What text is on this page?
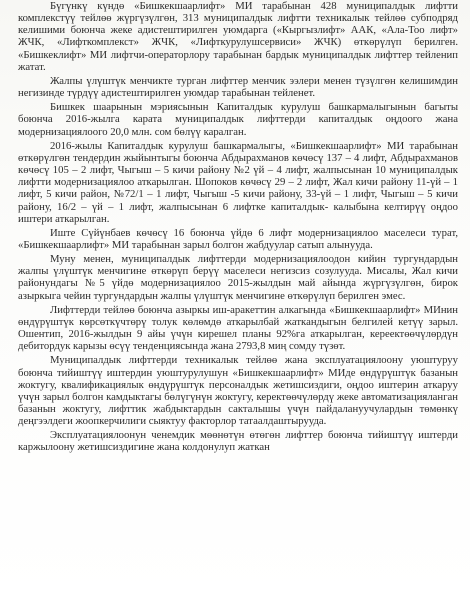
Бүгүнкү күндө «Бишкекшаарлифт» МИ тарабынан 428 муниципалдык лифтти комплекстүү тейлөө жүргүзүлгөн, 313 муниципалдык лифтти техникалык тейлөө субподряд келишими боюнча жеке адистештирилген уюмдарга («Кыргызлифт» ААК, «Ала-Тоо лифт» ЖЧК, «Лифткомплекст» ЖЧК, «Лифткурулушсервиси» ЖЧК) өткөрүлүп берилген. «Бишкеклифт» МИ лифтчи-операторлору тарабынан бардык муниципалдык лифттер тейленип жатат.

Жалпы үлүштүк менчикте турган лифттер менчик ээлери менен түзүлгөн келишимдин негизинде түрдүү адистештирилген уюмдар тарабынан тейленет.

Бишкек шаарынын мэриясынын Капиталдык курулуш башкармалыгынын багыты боюнча 2016-жылга карата муниципалдык лифттерди капиталдык оңдоого жана модернизациялоого 20,0 млн. сом бөлүү каралган.

2016-жылы Капиталдык курулуш башкармалыгы, «Бишкекшаарлифт» МИ тарабынан өткөрүлгөн тендердин жыйынтыгы боюнча Абдырахманов көчөсү 137 – 4 лифт, Абдырахманов көчөсү 105 – 2 лифт, Чыгыш – 5 кичи району №2 үй – 4 лифт, жалпысынан 10 муниципалдык лифтти модернизациялоо аткарылган. Шопоков көчөсү 29 – 2 лифт, Жал кичи району 11-үй – 1 лифт, 5 кичи район, №72/1 – 1 лифт, Чыгыш -5 кичи району, 33-үй – 1 лифт, Чыгыш – 5 кичи району, 16/2 – үй – 1 лифт, жалпысынан 6 лифтке капиталдык- калыбына келтирүү оңдоо иштери аткарылган.

Иште Сүйүнбаев көчөсү 16 боюнча үйдө 6 лифт модернизациялоо маселеси турат, «Бишкекшаарлифт» МИ тарабынан зарыл болгон жабдуулар сатып алынууда.

Муну менен, муниципалдык лифттерди модернизациялоодон кийин тургундардын жалпы үлүштүк менчигине өткөрүп берүү маселеси негизсиз созулууда. Мисалы, Жал кичи районундагы №5 үйдө модернизациялоо 2015-жылдын май айында жүргүзүлгөн, бирок азыркыга чейин тургундардын жалпы үлүштүк менчигине өткөрүлүп берилген эмес.

Лифттерди тейлөө боюнча азыркы иш-аракеттин алкагында «Бишкекшаарлифт» МИнин өндүрүштүк көрсөткүчтөрү толук көлөмдө аткарылбай жаткандыгын белгилей кетүү зарыл. Ошентип, 2016-жылдын 9 айы үчүн кирешел планы 92%га аткарылган, кереектөөчүлөрдүн дебитордук карызы өсүү тенденциясында жана 2793,8 миң сомду түзөт.

Муниципалдык лифттерди техникалык тейлөө жана эксплуатациялоону уюштуруу боюнча тийиштүү иштердин уюштурулушун «Бишкекшаарлифт» МИде өндүрүштүк базанын жоктугу, квалификациялык өндүрүштүк персоналдык жетишсиздиги, оңдоо иштерин аткаруу үчүн зарыл болгон камдыктагы бөлүгүнүн жоктугу, керектөөчүлөрдү жеке автоматизацияланган базанын жоктугу, лифттик жабдыктардын сакталышы үчүн пайдалануучулардын төмөнкү деңгээлдеги жоопкерчилиги сыяктуу факторлор татаалдаштырууда.

Эксплуатациялоонун ченемдик мөөнөтүн өтөгөн лифттер боюнча тийиштүү иштерди каржылоону жетишсиздигине жана колдонулуп жаткан
